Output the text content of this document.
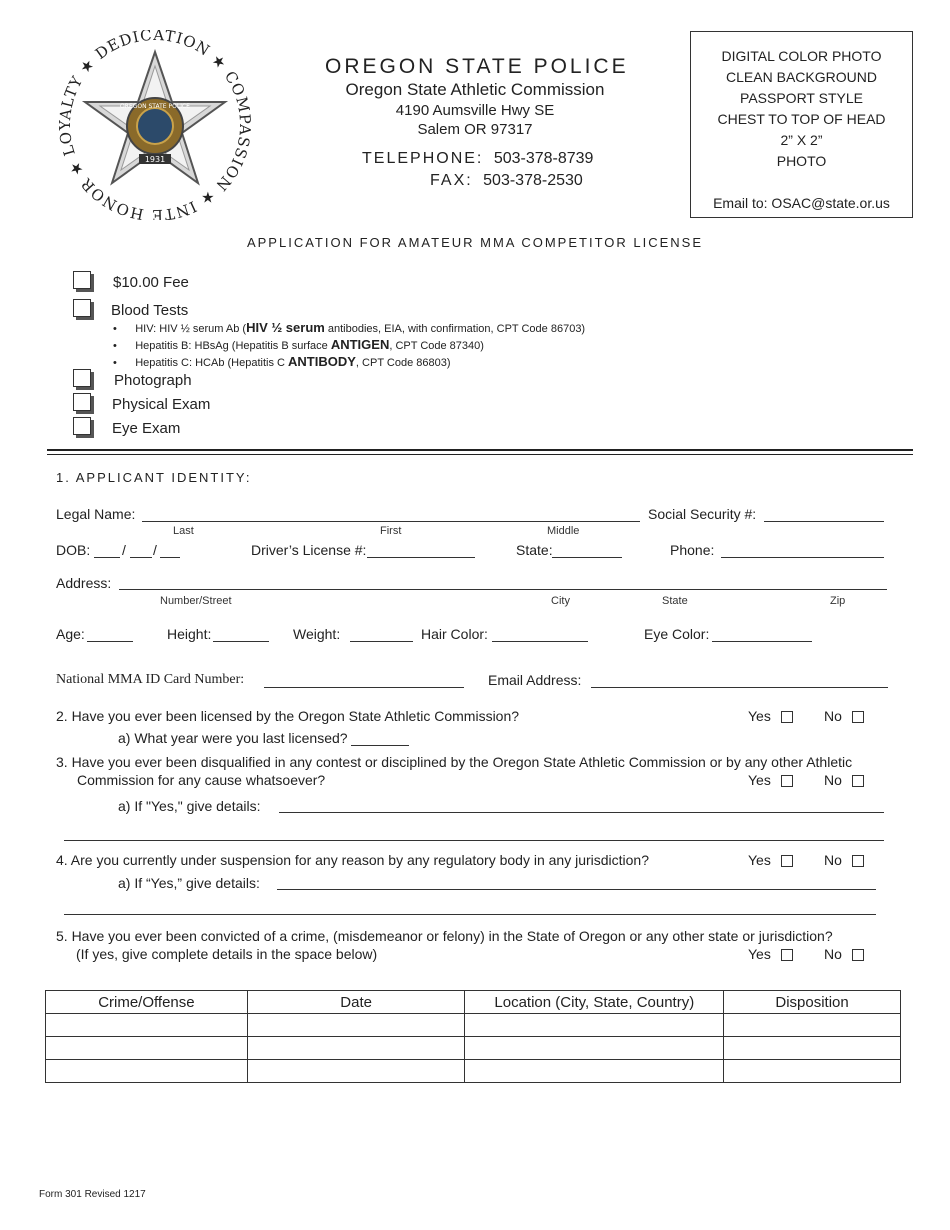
HONOR ★ LOYALTY ★ DEDICATION ★ COMPASSION ★ INTE
OREGON STATE POLICE
1931
OREGON STATE POLICE
Oregon State Athletic Commission
4190 Aumsville Hwy SE
Salem OR 97317
TELEPHONE: 503-378-8739
FAX: 503-378-2530
DIGITAL COLOR PHOTO
CLEAN BACKGROUND
PASSPORT STYLE
CHEST TO TOP OF HEAD
2” X 2”
PHOTO
Email to: OSAC@state.or.us
APPLICATION FOR AMATEUR MMA COMPETITOR LICENSE
$10.00 Fee
Blood Tests
•      HIV: HIV ½ serum Ab (HIV ½ serum antibodies, EIA, with confirmation, CPT Code 86703)
•      Hepatitis B: HBsAg (Hepatitis B surface ANTIGEN, CPT Code 87340)
•      Hepatitis C: HCAb (Hepatitis C ANTIBODY, CPT Code 86803)
Photograph
Physical Exam
Eye Exam
1. APPLICANT IDENTITY:
Legal Name:
Last	First	Middle
Social Security #:
DOB: / /	Driver’s License #:	State:	Phone:
Address:
Number/Street	City	State	Zip
Age:	Height:	Weight:	Hair Color:	Eye Color:
National MMA ID Card Number:	Email Address:
2. Have you ever been licensed by the Oregon State Athletic Commission?	Yes	No
a) What year were you last licensed?
3. Have you ever been disqualified in any contest or disciplined by the Oregon State Athletic Commission or by any other Athletic
Commission for any cause whatsoever?	Yes	No
a) If "Yes," give details:
4. Are you currently under suspension for any reason by any regulatory body in any jurisdiction?	Yes	No
a) If “Yes,” give details:
5. Have you ever been convicted of a crime, (misdemeanor or felony) in the State of Oregon or any other state or jurisdiction?
(If yes, give complete details in the space below)	Yes	No
Crime/Offense	Date	Location (City, State, Country)	Disposition

Form 301 Revised 1217
